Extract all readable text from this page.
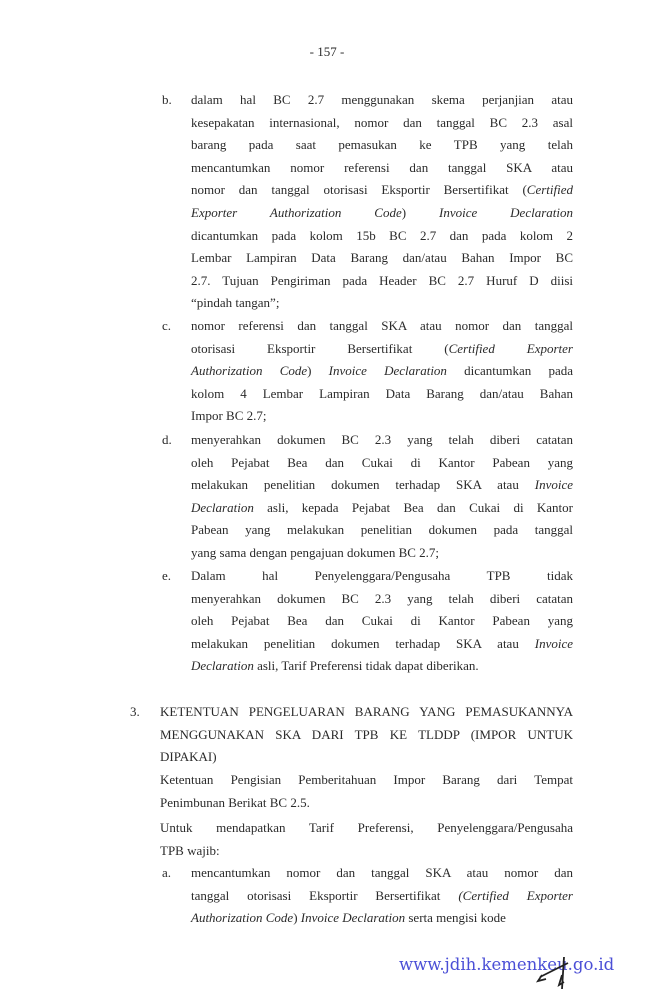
- 157 -
b. dalam hal BC 2.7 menggunakan skema perjanjian atau
kesepakatan internasional, nomor dan tanggal BC 2.3 asal
barang pada saat pemasukan ke TPB yang telah
mencantumkan nomor referensi dan tanggal SKA atau
nomor dan tanggal otorisasi Eksportir Bersertifikat (Certified
Exporter Authorization Code) Invoice Declaration
dicantumkan pada kolom 15b BC 2.7 dan pada kolom 2
Lembar Lampiran Data Barang dan/atau Bahan Impor BC
2.7. Tujuan Pengiriman pada Header BC 2.7 Huruf D diisi
“pindah tangan”;
c. nomor referensi dan tanggal SKA atau nomor dan tanggal
otorisasi Eksportir Bersertifikat (Certified Exporter
Authorization Code) Invoice Declaration dicantumkan pada
kolom 4 Lembar Lampiran Data Barang dan/atau Bahan
Impor BC 2.7;
d. menyerahkan dokumen BC 2.3 yang telah diberi catatan
oleh Pejabat Bea dan Cukai di Kantor Pabean yang
melakukan penelitian dokumen terhadap SKA atau Invoice
Declaration asli, kepada Pejabat Bea dan Cukai di Kantor
Pabean yang melakukan penelitian dokumen pada tanggal
yang sama dengan pengajuan dokumen BC 2.7;
e. Dalam hal Penyelenggara/Pengusaha TPB tidak
menyerahkan dokumen BC 2.3 yang telah diberi catatan
oleh Pejabat Bea dan Cukai di Kantor Pabean yang
melakukan penelitian dokumen terhadap SKA atau Invoice
Declaration asli, Tarif Preferensi tidak dapat diberikan.
3. KETENTUAN PENGELUARAN BARANG YANG PEMASUKANNYA
MENGGUNAKAN SKA DARI TPB KE TLDDP (IMPOR UNTUK
DIPAKAI)
Ketentuan Pengisian Pemberitahuan Impor Barang dari Tempat
Penimbunan Berikat BC 2.5.
Untuk mendapatkan Tarif Preferensi, Penyelenggara/Pengusaha
TPB wajib:
a. mencantumkan nomor dan tanggal SKA atau nomor dan
tanggal otorisasi Eksportir Bersertifikat (Certified Exporter
Authorization Code) Invoice Declaration serta mengisi kode
www.jdih.kemenkeu.go.id
